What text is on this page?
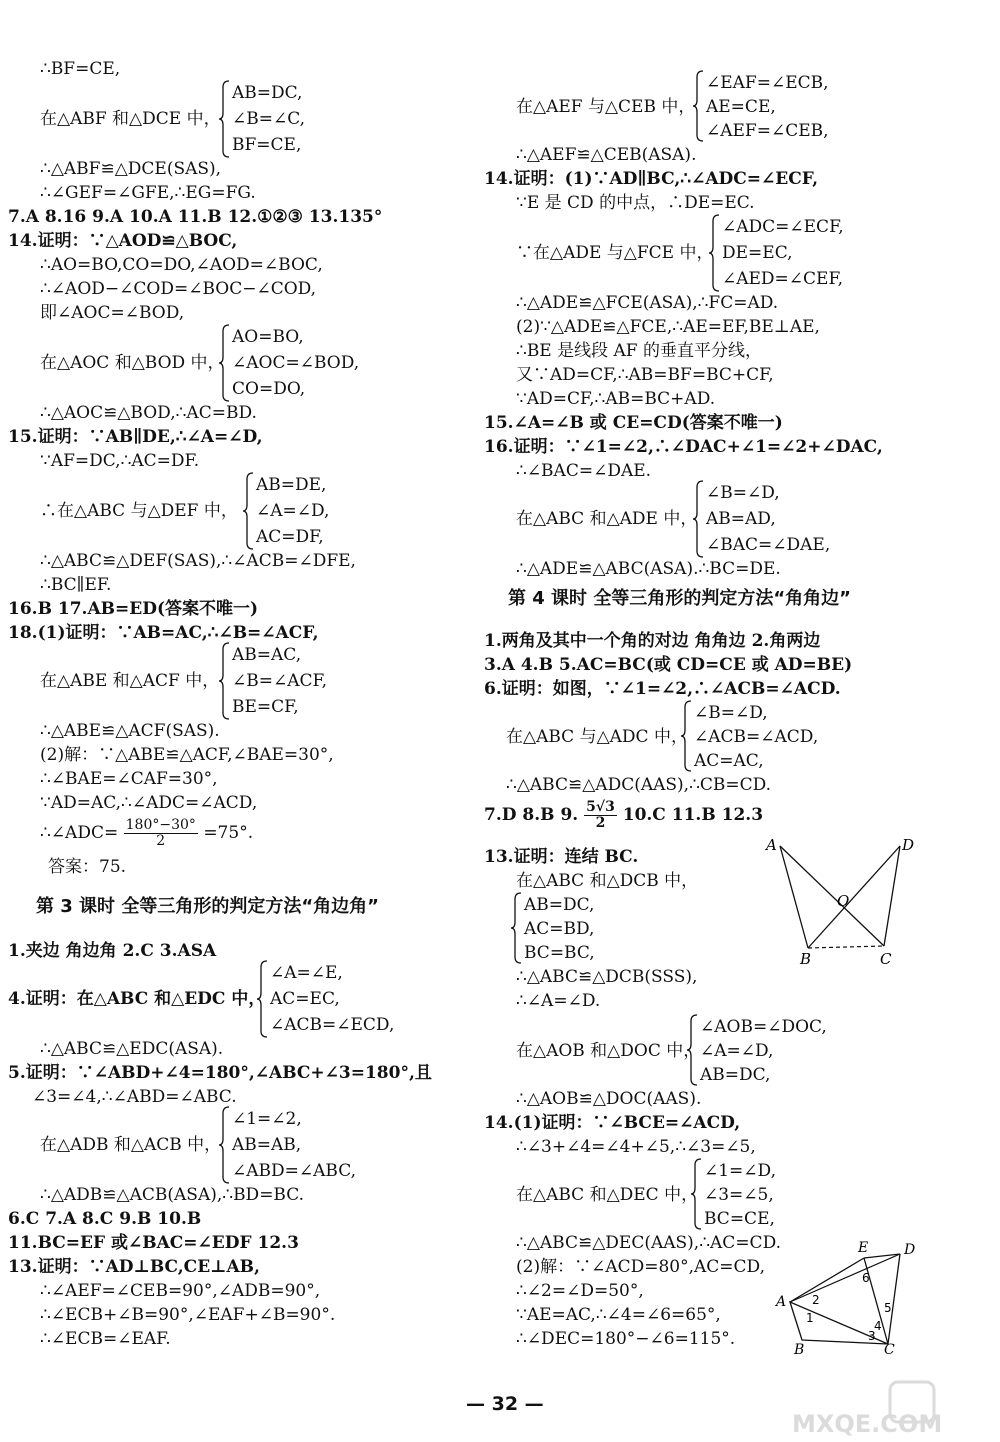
∴BF=CE,
在△ABF 和△DCE 中，
AB=DC,
∠B=∠C,
BF=CE,
∴△ABF≌△DCE(SAS),
∴∠GEF=∠GFE,∴EG=FG.
7.A 8.16 9.A 10.A 11.B 12.①②③ 13.135°
14.证明：∵△AOD≌△BOC,
∴AO=BO,CO=DO,∠AOD=∠BOC,
∴∠AOD−∠COD=∠BOC−∠COD,
即∠AOC=∠BOD,
在△AOC 和△BOD 中，
AO=BO,
∠AOC=∠BOD,
CO=DO,
∴△AOC≌△BOD,∴AC=BD.
15.证明：∵AB∥DE,∴∠A=∠D,
∵AF=DC,∴AC=DF.
∴在△ABC 与△DEF 中，
AB=DE,
∠A=∠D,
AC=DF,
∴△ABC≌△DEF(SAS),∴∠ACB=∠DFE,
∴BC∥EF.
16.B 17.AB=ED(答案不唯一)
18.(1)证明：∵AB=AC,∴∠B=∠ACF,
在△ABE 和△ACF 中，
AB=AC,
∠B=∠ACF,
BE=CF,
∴△ABE≌△ACF(SAS).
(2)解：∵△ABE≌△ACF,∠BAE=30°,
∴∠BAE=∠CAF=30°,
∵AD=AC,∴∠ADC=∠ACD,
答案：75.
1.夹边 角边角 2.C 3.ASA
4.证明：在△ABC 和△EDC 中，
∠A=∠E,
AC=EC,
∠ACB=∠ECD,
∴△ABC≌△EDC(ASA).
5.证明：∵∠ABD+∠4=180°,∠ABC+∠3=180°,且
∠3=∠4,∴∠ABD=∠ABC.
在△ADB 和△ACB 中，
∠1=∠2,
AB=AB,
∠ABD=∠ABC,
∴△ADB≌△ACB(ASA),∴BD=BC.
6.C 7.A 8.C 9.B 10.B
11.BC=EF 或∠BAC=∠EDF 12.3
13.证明：∵AD⊥BC,CE⊥AB,
∴∠AEF=∠CEB=90°,∠ADB=90°,
∴∠ECB+∠B=90°,∠EAF+∠B=90°.
∴∠ECB=∠EAF.
在△AEF 与△CEB 中，
∠EAF=∠ECB,
AE=CE,
∠AEF=∠CEB,
∴△AEF≌△CEB(ASA).
14.证明：(1)∵AD∥BC,∴∠ADC=∠ECF,
∵E 是 CD 的中点，∴DE=EC.
∵在△ADE 与△FCE 中，
∠ADC=∠ECF,
DE=EC,
∠AED=∠CEF,
∴△ADE≌△FCE(ASA),∴FC=AD.
(2)∵△ADE≌△FCE,∴AE=EF,BE⊥AE,
∴BE 是线段 AF 的垂直平分线，
又∵AD=CF,∴AB=BF=BC+CF,
∵AD=CF,∴AB=BC+AD.
15.∠A=∠B 或 CE=CD(答案不唯一)
16.证明：∵∠1=∠2,∴∠DAC+∠1=∠2+∠DAC,
∴∠BAC=∠DAE.
在△ABC 和△ADE 中，
∠B=∠D,
AB=AD,
∠BAC=∠DAE,
∴△ADE≌△ABC(ASA).∴BC=DE.
1.两角及其中一个角的对边 角角边 2.角两边
3.A 4.B 5.AC=BC(或 CD=CE 或 AD=BE)
6.证明：如图，∵∠1=∠2,∴∠ACB=∠ACD.
在△ABC 与△ADC 中，
∠B=∠D,
∠ACB=∠ACD,
AC=AC,
∴△ABC≌△ADC(AAS),∴CB=CD.
13.证明：连结 BC.
在△ABC 和△DCB 中，
AB=DC,
AC=BD,
BC=BC,
∴△ABC≌△DCB(SSS),
∴∠A=∠D.
在△AOB 和△DOC 中，
∠AOB=∠DOC,
∠A=∠D,
AB=DC,
∴△AOB≌△DOC(AAS).
14.(1)证明：∵∠BCE=∠ACD,
∴∠3+∠4=∠4+∠5,∴∠3=∠5,
在△ABC 和△DEC 中，
∠1=∠D,
∠3=∠5,
BC=CE,
∴△ABC≌△DEC(AAS),∴AC=CD.
(2)解：∵∠ACD=80°,AC=CD,
∴∠2=∠D=50°,
∵AE=AC,∴∠4=∠6=65°,
∴∠DEC=180°−∠6=115°.
∴∠ADC= $\frac{180^\circ-30^\circ}{2} =75^\circ$.
7.D 8.B 9. $\frac{5√3}{2} 10.C$ 11.B 12.3
第 3 课时 全等三角形的判定方法“角边角”
第 4 课时 全等三角形的判定方法“角角边”
A	D
O
B	C
A
B	C
D
E
1
2
3
4
5
6
— 32 —
MXQE.COM
